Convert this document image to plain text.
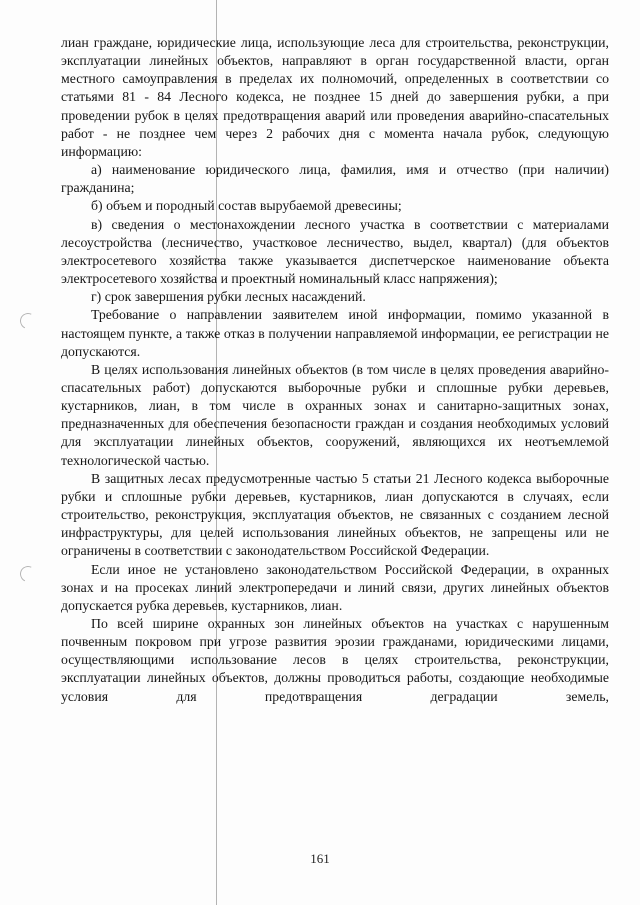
лиан граждане, юридические лица, использующие леса для строительства, реконструкции, эксплуатации линейных объектов, направляют в орган государственной власти, орган местного самоуправления в пределах их полномочий, определенных в соответствии со статьями 81 - 84 Лесного кодекса, не позднее 15 дней до завершения рубки, а при проведении рубок в целях предотвращения аварий или проведения аварийно-спасательных работ - не позднее чем через 2 рабочих дня с момента начала рубок, следующую информацию:

а) наименование юридического лица, фамилия, имя и отчество (при наличии) гражданина;

б) объем и породный состав вырубаемой древесины;

в) сведения о местонахождении лесного участка в соответствии с материалами лесоустройства (лесничество, участковое лесничество, выдел, квартал) (для объектов электросетевого хозяйства также указывается диспетчерское наименование объекта электросетевого хозяйства и проектный номинальный класс напряжения);

г) срок завершения рубки лесных насаждений.

Требование о направлении заявителем иной информации, помимо указанной в настоящем пункте, а также отказ в получении направляемой информации, ее регистрации не допускаются.

В целях использования линейных объектов (в том числе в целях проведения аварийно-спасательных работ) допускаются выборочные рубки и сплошные рубки деревьев, кустарников, лиан, в том числе в охранных зонах и санитарно-защитных зонах, предназначенных для обеспечения безопасности граждан и создания необходимых условий для эксплуатации линейных объектов, сооружений, являющихся их неотъемлемой технологической частью.

В защитных лесах предусмотренные частью 5 статьи 21 Лесного кодекса выборочные рубки и сплошные рубки деревьев, кустарников, лиан допускаются в случаях, если строительство, реконструкция, эксплуатация объектов, не связанных с созданием лесной инфраструктуры, для целей использования линейных объектов, не запрещены или не ограничены в соответствии с законодательством Российской Федерации.

Если иное не установлено законодательством Российской Федерации, в охранных зонах и на просеках линий электропередачи и линий связи, других линейных объектов допускается рубка деревьев, кустарников, лиан.

По всей ширине охранных зон линейных объектов на участках с нарушенным почвенным покровом при угрозе развития эрозии гражданами, юридическими лицами, осуществляющими использование лесов в целях строительства, реконструкции, эксплуатации линейных объектов, должны проводиться работы, создающие необходимые условия для предотвращения деградации земель,

161
